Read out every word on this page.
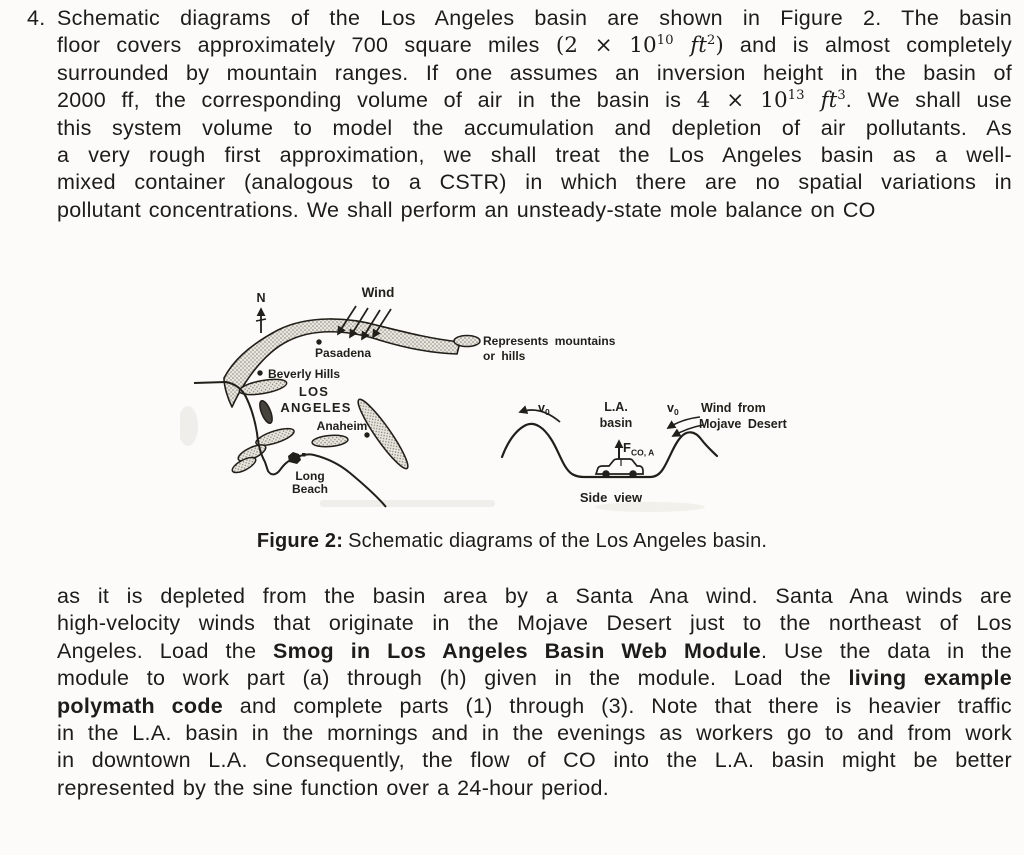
4. Schematic diagrams of the Los Angeles basin are shown in Figure 2. The basin
floor covers approximately 700 square miles ($2 \times 10^{10}$ $ft^2$) and is almost completely
surrounded by mountain ranges. If one assumes an inversion height in the basin of
2000 ff, the corresponding volume of air in the basin is $4 \times 10^{13}$ $ft^3$. We shall use
this system volume to model the accumulation and depletion of air pollutants. As
a very rough first approximation, we shall treat the Los Angeles basin as a well-
mixed container (analogous to a CSTR) in which there are no spatial variations in
pollutant concentrations. We shall perform an unsteady-state mole balance on CO
N	Wind
Pasadena
Beverly Hills
LOS
ANGELES
Anaheim
Long
Beach
Represents mountains
or hills
$v_0$	L.A.
basin
$v_0$ Wind from
Mojave Desert
$F_{CO, A}$
Side view
Figure 2: Schematic diagrams of the Los Angeles basin.
as it is depleted from the basin area by a Santa Ana wind. Santa Ana winds are
high-velocity winds that originate in the Mojave Desert just to the northeast of Los
Angeles. Load the Smog in Los Angeles Basin Web Module. Use the data in the
module to work part (a) through (h) given in the module. Load the living example
polymath code and complete parts (1) through (3). Note that there is heavier traffic
in the L.A. basin in the mornings and in the evenings as workers go to and from work
in downtown L.A. Consequently, the flow of CO into the L.A. basin might be better
represented by the sine function over a 24-hour period.
